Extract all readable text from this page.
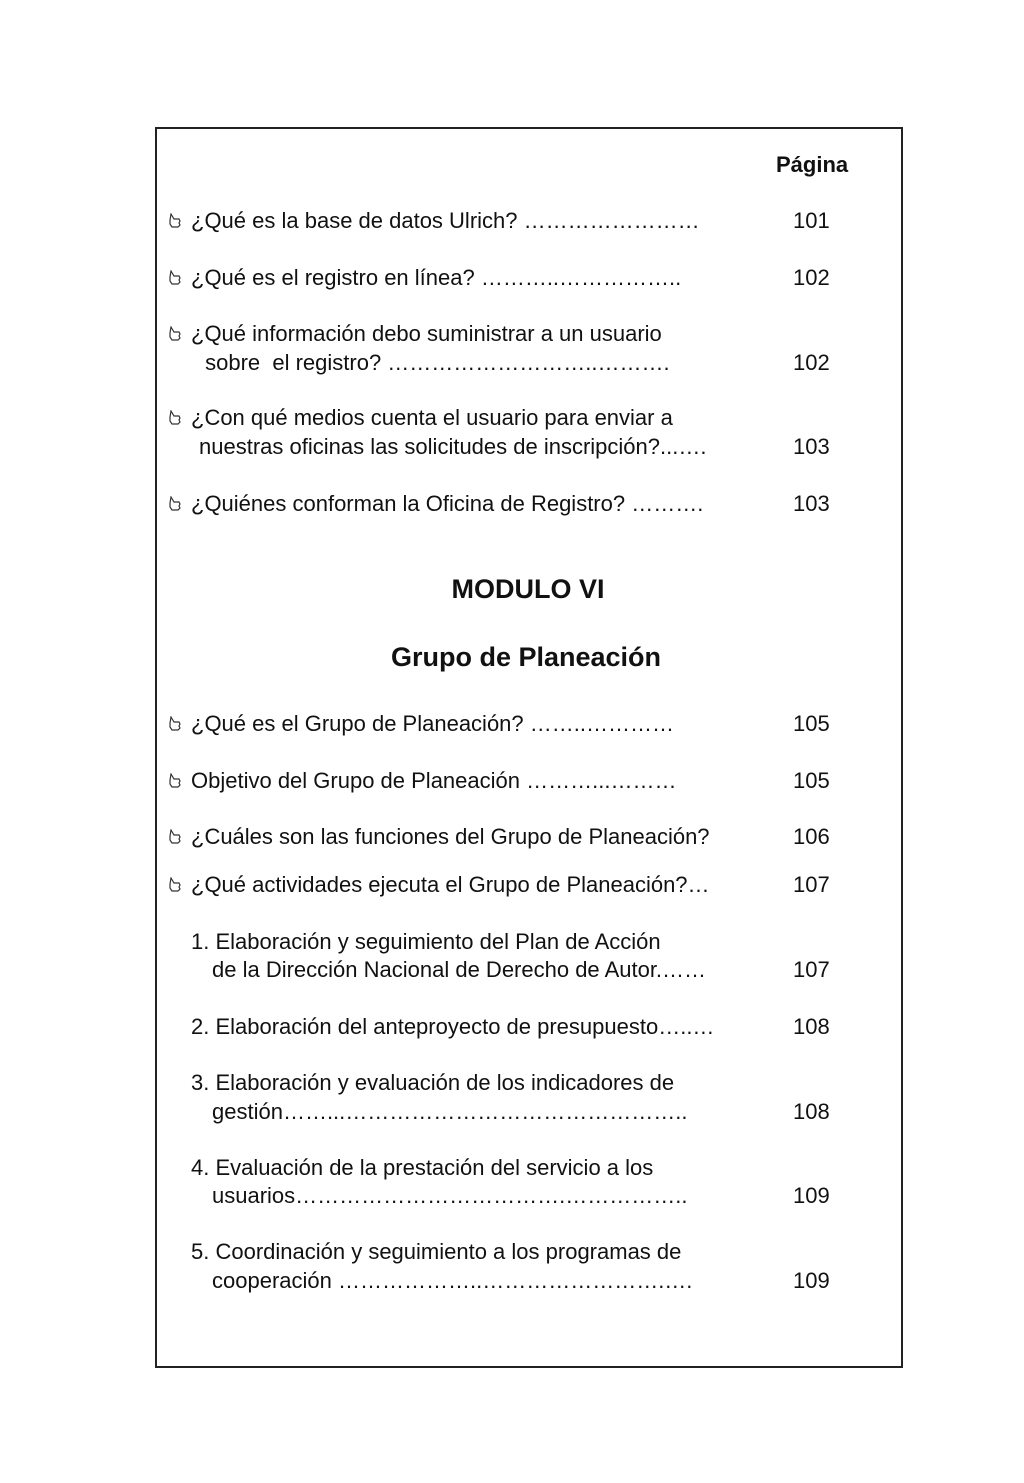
Página
¿Qué es la base de datos Ulrich? ……………………	101
¿Qué es el registro en línea? ………..……………..	102
¿Qué información debo suministrar a un usuario
sobre  el registro? ………………………..……….	102
¿Con qué medios cuenta el usuario para enviar a
nuestras oficinas las solicitudes de inscripción?...….	103
¿Quiénes conforman la Oficina de Registro? ……….	103
MODULO VI
Grupo de Planeación
¿Qué es el Grupo de Planeación? ……..…………	105
Objetivo del Grupo de Planeación ………...………	105
¿Cuáles son las funciones del Grupo de Planeación?	106
¿Qué actividades ejecuta el Grupo de Planeación?…	107
1. Elaboración y seguimiento del Plan de Acción
de la Dirección Nacional de Derecho de Autor.……	107
2. Elaboración del anteproyecto de presupuesto…..…	108
3. Elaboración y evaluación de los indicadores de
gestión……...………………………………………..	108
4. Evaluación de la prestación del servicio a los
usuarios……………………………….……………..	109
5. Coordinación y seguimiento a los programas de
cooperación ………………..…………………….….	109
